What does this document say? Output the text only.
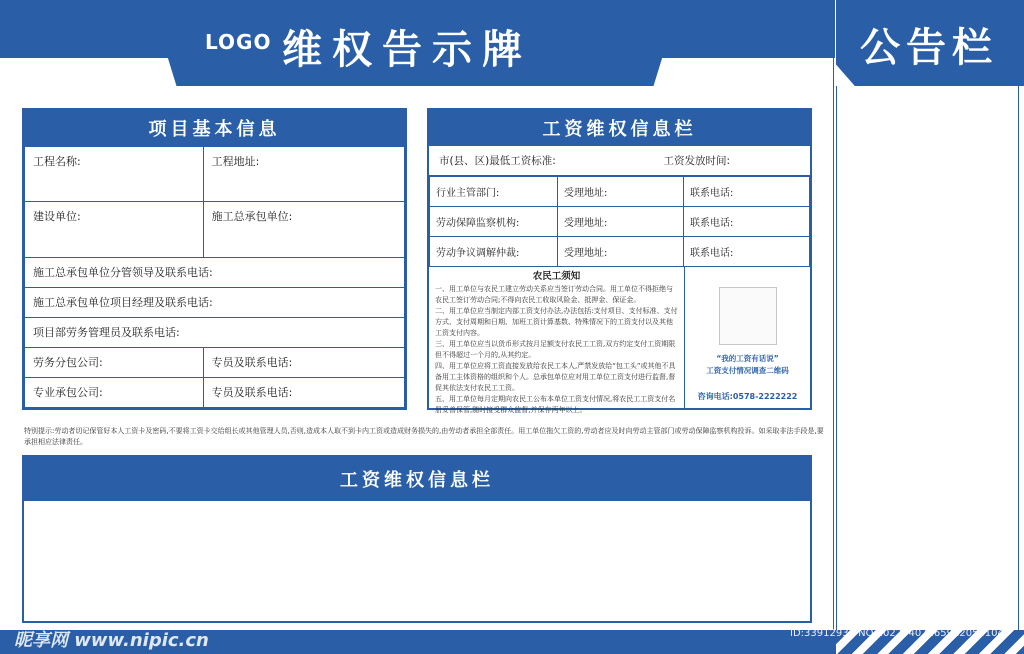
LOGO 维权告示牌	公告栏
项目基本信息
工程名称:	工程地址:
建设单位:	施工总承包单位:
施工总承包单位分管领导及联系电话:	
施工总承包单位项目经理及联系电话:	
项目部劳务管理员及联系电话:	
劳务分包公司:	专员及联系电话:
专业承包公司:	专员及联系电话:
工资维权信息栏
市(县、区)最低工资标准:	工资发放时间:
行业主管部门:	受理地址:	联系电话:
劳动保障监察机构:	受理地址:	联系电话:
劳动争议调解仲裁:	受理地址:	联系电话:
农民工须知
一、用工单位与农民工建立劳动关系应当签订劳动合同。用工单位不得拒绝与农民工签订劳动合同;不得向农民工收取风险金、抵押金、保证金。
二、用工单位应当制定内部工资支付办法,办法包括:支付项目、支付标准、支付方式、支付周期和日期、加班工资计算基数、特殊情况下的工资支付以及其他工资支付内容。
三、用工单位应当以货币形式按月足额支付农民工工资,双方约定支付工资期限但不得超过一个月的,从其约定。
四、用工单位应将工资直接发放给农民工本人,严禁发放给“包工头”或其他不具备用工主体资格的组织和个人。总承包单位应对用工单位工资支付进行监督,督促其依法支付农民工工资。
五、用工单位每月定期向农民工公布本单位工资支付情况,将农民工工资支付名册妥善保管,随时接受群众监督,并保存两年以上。
“我的工资有话说”
工资支付情况调查二维码
咨询电话:0578-2222222
特别提示:劳动者切记保管好本人工资卡及密码,不要将工资卡交给组长或其他管理人员,否则,造成本人取不到卡内工资或造成财务损失的,由劳动者承担全部责任。用工单位拖欠工资的,劳动者应及时向劳动主管部门或劳动保障监察机构投诉。如采取非法手段是,要承担相应法律责任。
工资维权信息栏
昵享网 www.nipic.cn	ID:33912936 NO:20220407165912058104
